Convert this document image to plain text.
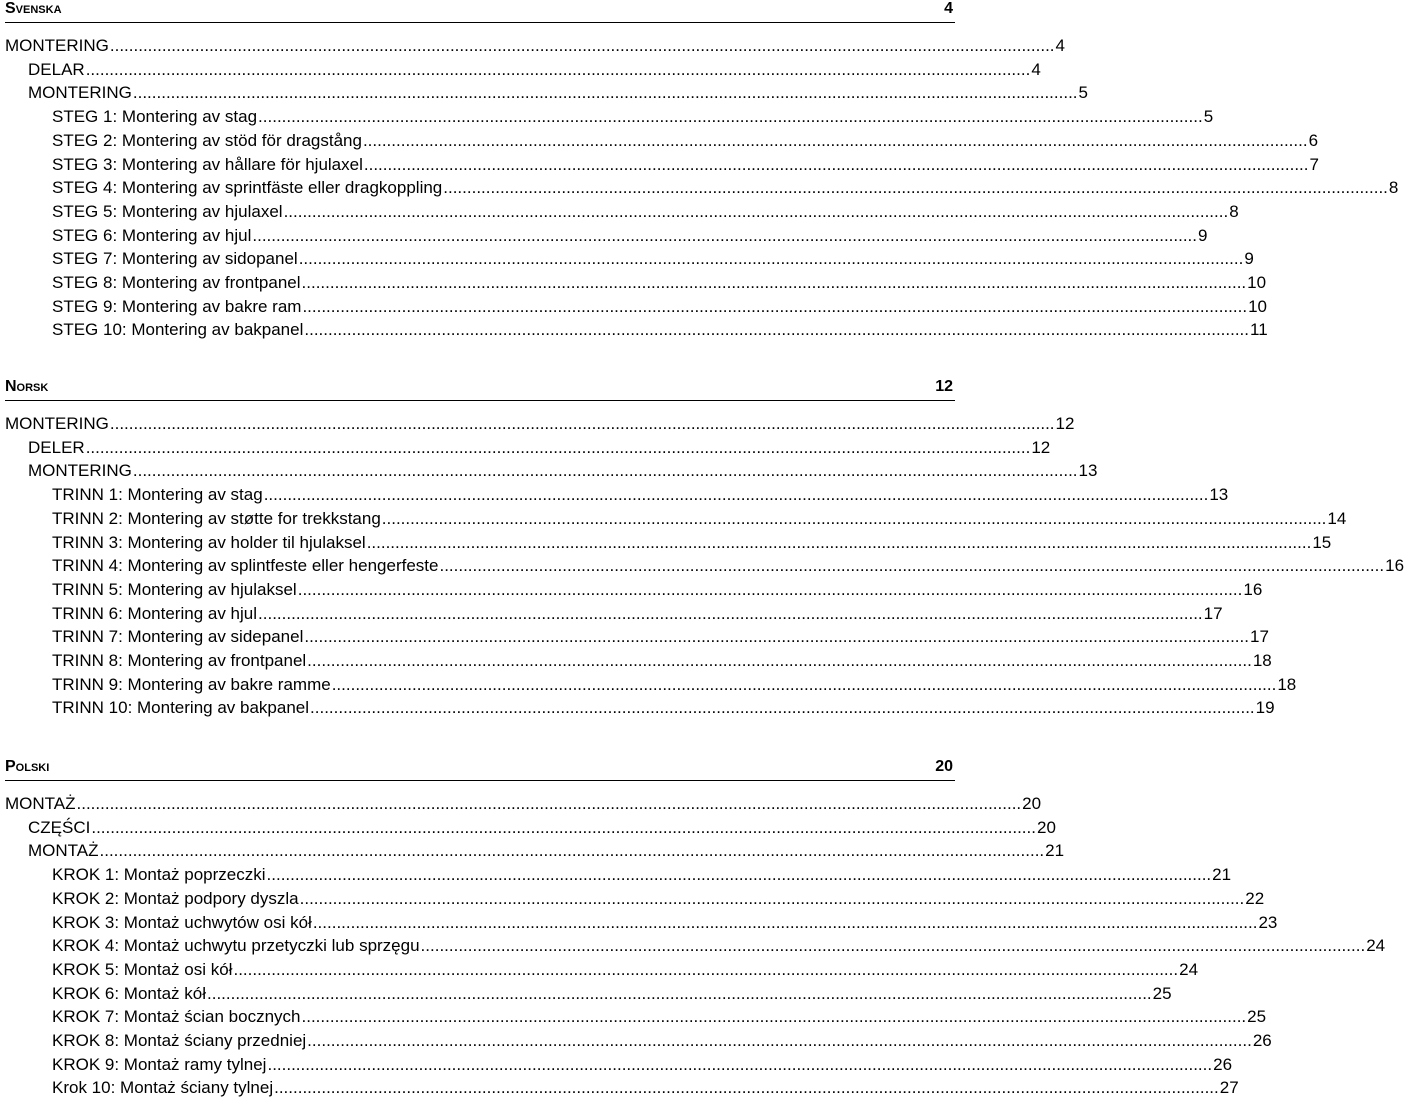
Svenska	4
MONTERING ........................................................................................................................................................................................................ 4
DELAR ........................................................................................................................................................................................................ 4
MONTERING ........................................................................................................................................................................................................ 5
STEG 1: Montering av stag ........................................................................................................................................................................................................ 5
STEG 2: Montering av stöd för dragstång ........................................................................................................................................................................................................ 6
STEG 3: Montering av hållare för hjulaxel ........................................................................................................................................................................................................ 7
STEG 4: Montering av sprintfäste eller dragkoppling ........................................................................................................................................................................................................ 8
STEG 5: Montering av hjulaxel ........................................................................................................................................................................................................ 8
STEG 6: Montering av hjul ........................................................................................................................................................................................................ 9
STEG 7: Montering av sidopanel ........................................................................................................................................................................................................ 9
STEG 8: Montering av frontpanel ........................................................................................................................................................................................................ 10
STEG 9: Montering av bakre ram ........................................................................................................................................................................................................ 10
STEG 10: Montering av bakpanel ........................................................................................................................................................................................................ 11
Norsk	12
MONTERING ........................................................................................................................................................................................................ 12
DELER ........................................................................................................................................................................................................ 12
MONTERING ........................................................................................................................................................................................................ 13
TRINN 1: Montering av stag ........................................................................................................................................................................................................ 13
TRINN 2: Montering av støtte for trekkstang ........................................................................................................................................................................................................ 14
TRINN 3: Montering av holder til hjulaksel ........................................................................................................................................................................................................ 15
TRINN 4: Montering av splintfeste eller hengerfeste ........................................................................................................................................................................................................ 16
TRINN 5: Montering av hjulaksel ........................................................................................................................................................................................................ 16
TRINN 6: Montering av hjul ........................................................................................................................................................................................................ 17
TRINN 7: Montering av sidepanel ........................................................................................................................................................................................................ 17
TRINN 8: Montering av frontpanel ........................................................................................................................................................................................................ 18
TRINN 9: Montering av bakre ramme ........................................................................................................................................................................................................ 18
TRINN 10: Montering av bakpanel ........................................................................................................................................................................................................ 19
Polski	20
MONTAŻ ........................................................................................................................................................................................................ 20
CZĘŚCI ........................................................................................................................................................................................................ 20
MONTAŻ ........................................................................................................................................................................................................ 21
KROK 1: Montaż poprzeczki ........................................................................................................................................................................................................ 21
KROK 2: Montaż podpory dyszla ........................................................................................................................................................................................................ 22
KROK 3: Montaż uchwytów osi kół ........................................................................................................................................................................................................ 23
KROK 4: Montaż uchwytu przetyczki lub sprzęgu ........................................................................................................................................................................................................ 24
KROK 5: Montaż osi kół ........................................................................................................................................................................................................ 24
KROK 6: Montaż kół ........................................................................................................................................................................................................ 25
KROK 7: Montaż ścian bocznych ........................................................................................................................................................................................................ 25
KROK 8: Montaż ściany przedniej ........................................................................................................................................................................................................ 26
KROK 9: Montaż ramy tylnej ........................................................................................................................................................................................................ 26
Krok 10: Montaż ściany tylnej ........................................................................................................................................................................................................ 27
